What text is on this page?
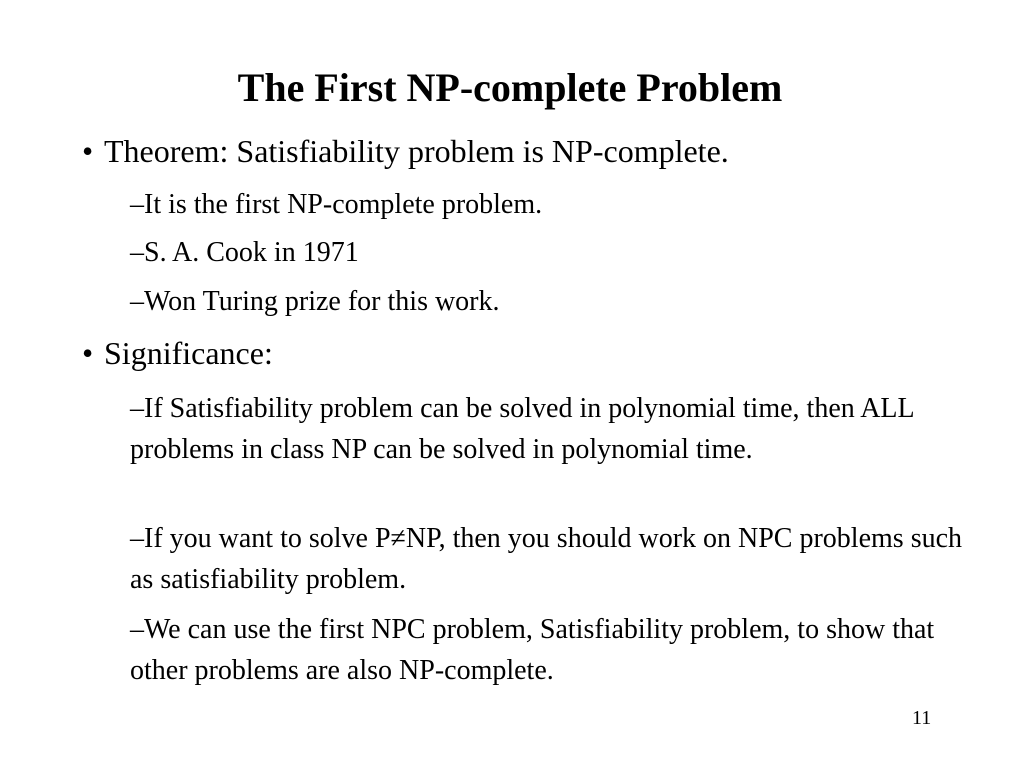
The First NP-complete Problem
• Theorem: Satisfiability problem is NP-complete.
–It is the first NP-complete problem.
–S. A. Cook in 1971
–Won Turing prize for this work.
• Significance:
–If Satisfiability problem can be solved in polynomial time, then ALL problems in class NP can be solved in polynomial time.
–If you want to solve P≠NP, then you should work on NPC problems such as satisfiability problem.
–We can use the first NPC problem, Satisfiability problem, to show that other problems are also NP-complete.
11
